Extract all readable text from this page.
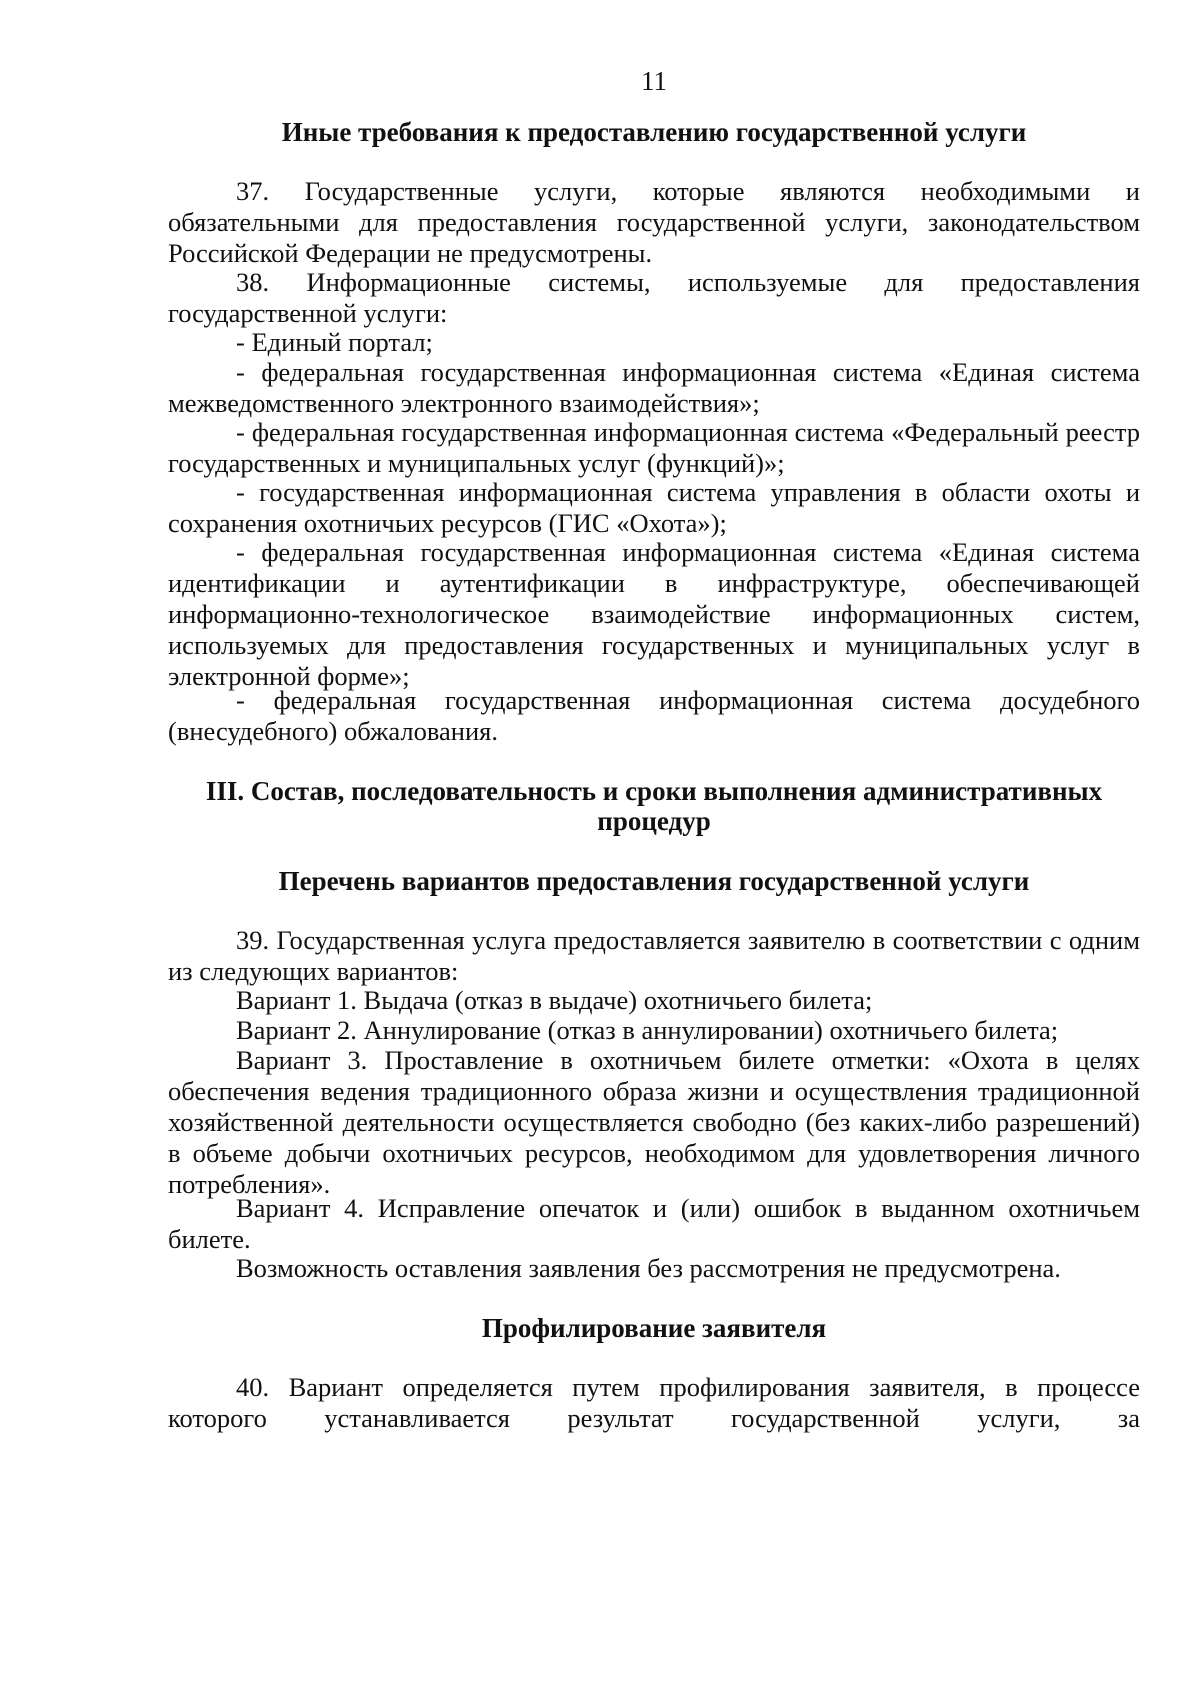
11
Иные требования к предоставлению государственной услуги

37. Государственные услуги, которые являются необходимыми и обязательными для предоставления государственной услуги, законодательством Российской Федерации не предусмотрены.

38. Информационные системы, используемые для предоставления государственной услуги:

- Единый портал;

- федеральная государственная информационная система «Единая система межведомственного электронного взаимодействия»;

- федеральная государственная информационная система «Федеральный реестр государственных и муниципальных услуг (функций)»;

- государственная информационная система управления в области охоты и сохранения охотничьих ресурсов (ГИС «Охота»);

- федеральная государственная информационная система «Единая система идентификации и аутентификации в инфраструктуре, обеспечивающей информационно-технологическое взаимодействие информационных систем, используемых для предоставления государственных и муниципальных услуг в электронной форме»;

- федеральная государственная информационная система досудебного (внесудебного) обжалования.

III. Состав, последовательность и сроки выполнения административных
процедур
Перечень вариантов предоставления государственной услуги

39. Государственная услуга предоставляется заявителю в соответствии с одним из следующих вариантов:

Вариант 1. Выдача (отказ в выдаче) охотничьего билета;

Вариант 2. Аннулирование (отказ в аннулировании) охотничьего билета;

Вариант 3. Проставление в охотничьем билете отметки: «Охота в целях обеспечения ведения традиционного образа жизни и осуществления традиционной хозяйственной деятельности осуществляется свободно (без каких-либо разрешений) в объеме добычи охотничьих ресурсов, необходимом для удовлетворения личного потребления».

Вариант 4. Исправление опечаток и (или) ошибок в выданном охотничьем билете.

Возможность оставления заявления без рассмотрения не предусмотрена.

Профилирование заявителя

40. Вариант определяется путем профилирования заявителя, в процессе которого устанавливается результат государственной услуги, за
